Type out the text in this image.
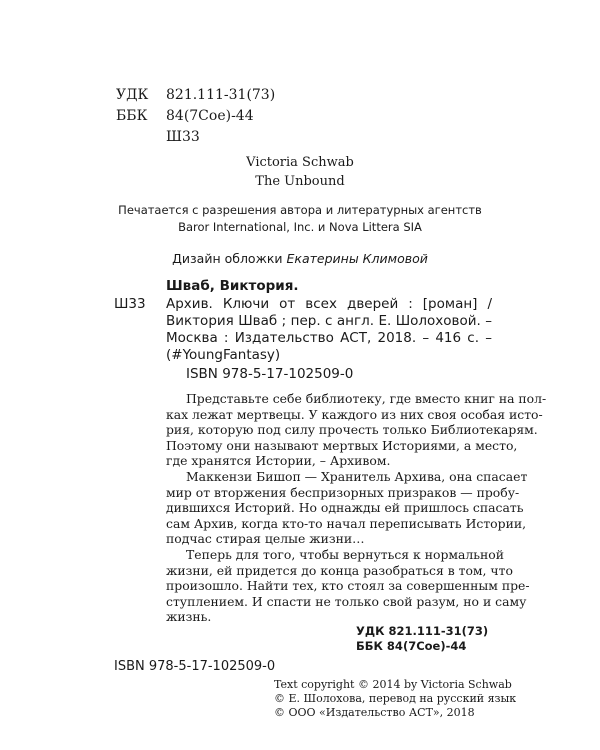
УДК 821.111-31(73)
ББК 84(7Сое)-44
Ш33
Victoria Schwab
The Unbound
Печатается с разрешения автора и литературных агентств
Baror International, Inc. и Nova Littera SIA
Дизайн обложки Екатерины Климовой
Шваб, Виктория.
Ш33 Архив. Ключи от всех дверей : [роман] /
Виктория Шваб ; пер. с англ. Е. Шолоховой. –
Москва : Издательство АСТ, 2018. – 416 с. –
(#YoungFantasy)
ISBN 978-5-17-102509-0
Представьте себе библиотеку, где вместо книг на пол-
ках лежат мертвецы. У каждого из них своя особая исто-
рия, которую под силу прочесть только Библиотекарям.
Поэтому они называют мертвых Историями, а место,
где хранятся Истории, – Архивом.
Маккензи Бишоп — Хранитель Архива, она спасает
мир от вторжения беспризорных призраков — пробу-
дившихся Историй. Но однажды ей пришлось спасать
сам Архив, когда кто-то начал переписывать Истории,
подчас стирая целые жизни…
Теперь для того, чтобы вернуться к нормальной
жизни, ей придется до конца разобраться в том, что
произошло. Найти тех, кто стоял за совершенным пре-
ступлением. И спасти не только свой разум, но и саму
жизнь.
УДК 821.111-31(73)
ББК 84(7Сое)-44
ISBN 978-5-17-102509-0
Text copyright © 2014 by Victoria Schwab
© Е. Шолохова, перевод на русский язык
© ООО «Издательство АСТ», 2018
